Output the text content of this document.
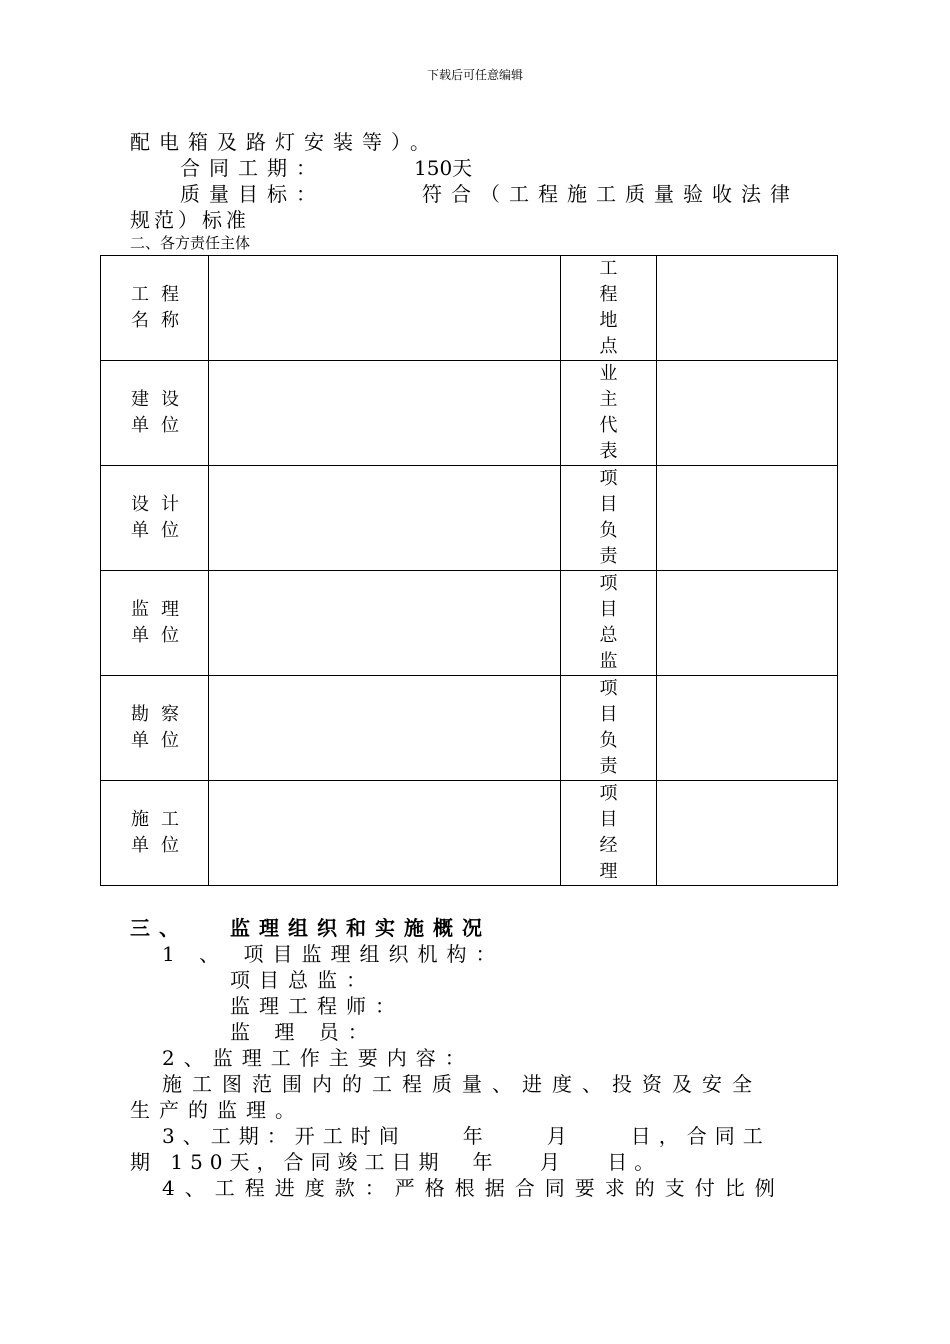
下载后可任意编辑
配电箱及路灯安装等）。
合同工期：	150天
质量目标：	符合（工程施工质量验收法律
规范）标准
二、各方责任主体
工程名称		工程地点	

建设单位		业主代表	

设计单位		项目负责	

监理单位		项目总监	

勘察单位		项目负责	

施工单位		项目经理	

三、 监理组织和实施概况
1 、 项目监理组织机构：
项目总监：
监理工程师：
监 理 员：
2、监理工作主要内容：
施工图范围内的工程质量、进度、投资及安全
生产的监理。
3、工期：开工时间　　年　　月　　日，合同工
期 150天，合同竣工日期　年　 月　 日。
4、工程进度款：严格根据合同要求的支付比例
